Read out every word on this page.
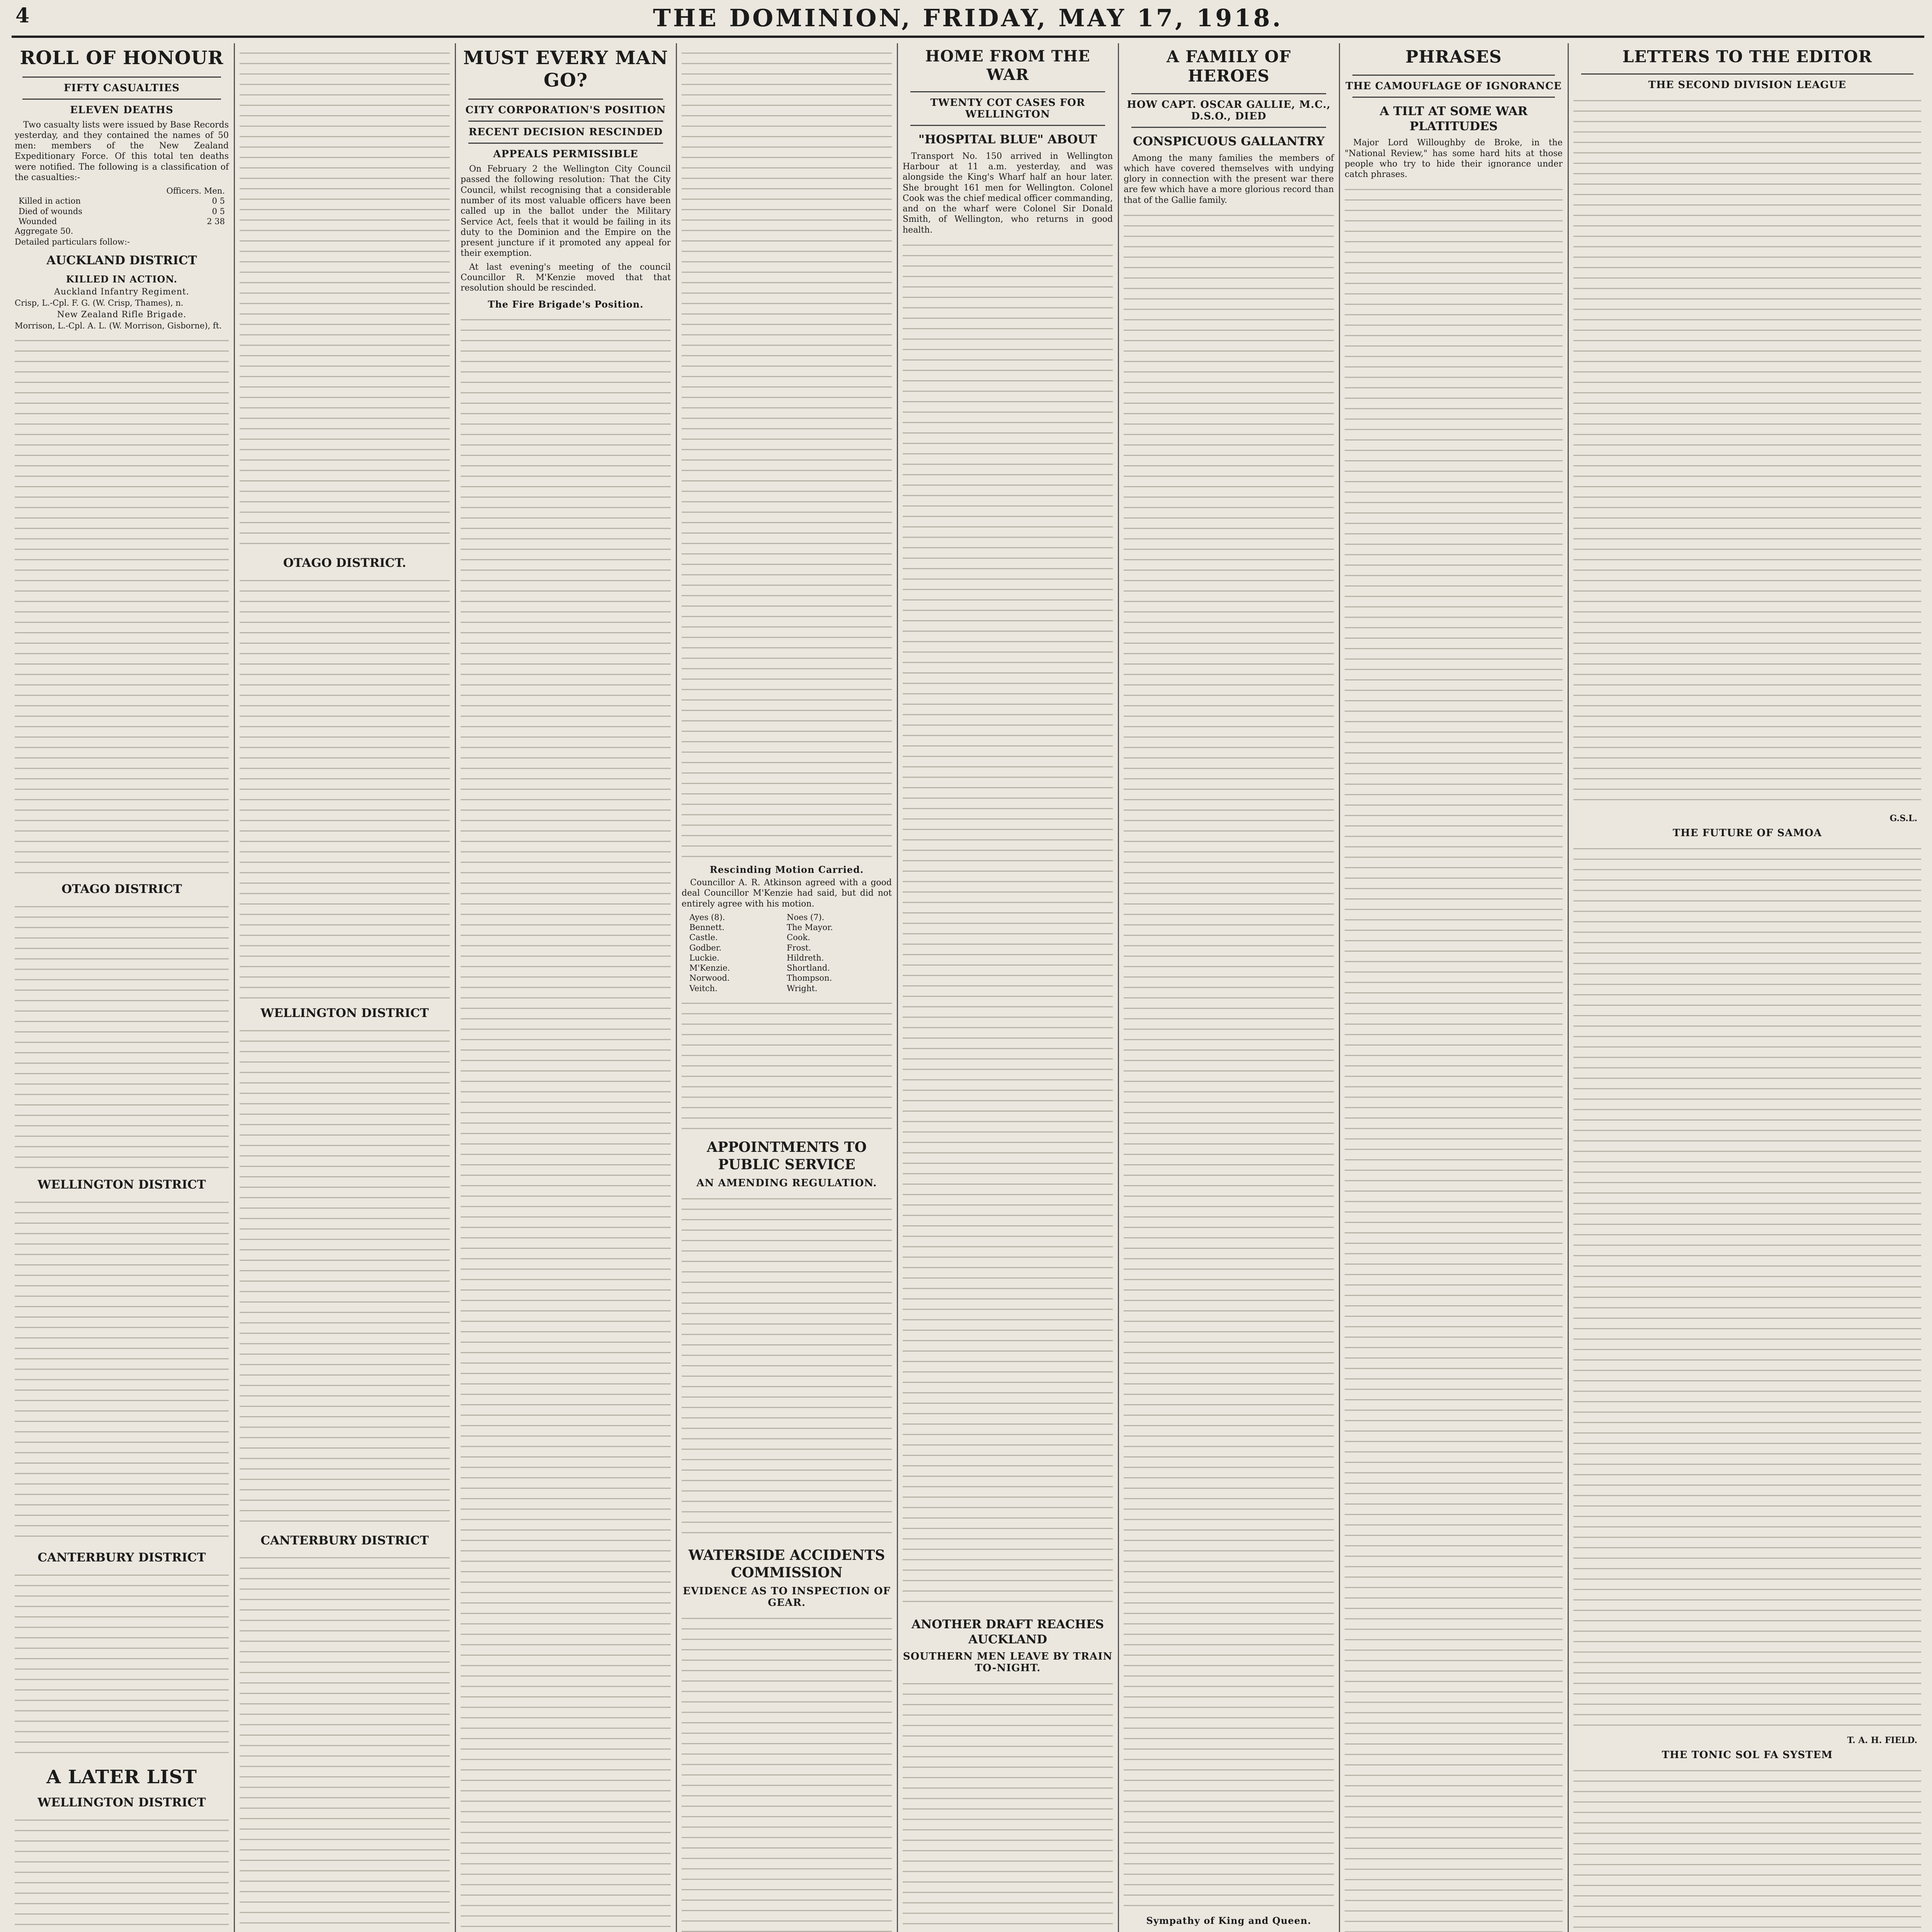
4	THE DOMINION, FRIDAY, MAY 17, 1918.
ROLL OF HONOUR
FIFTY CASUALTIES
ELEVEN DEATHS

Two casualty lists were issued by Base Records yesterday, and they contained the names of 50 men: members of the New Zealand Expeditionary Force. Of this total ten deaths were notified. The following is a classification of the casualties:-

Officers. Men.
Killed in action	0 5
Died of wounds	0 5
Wounded	2 38
Aggregate 50.
Detailed particulars follow:-
AUCKLAND DISTRICT
KILLED IN ACTION.
Auckland Infantry Regiment.
Crisp, L.-Cpl. F. G. (W. Crisp, Thames), n.
New Zealand Rifle Brigade.
Morrison, L.-Cpl. A. L. (W. Morrison, Gisborne), ft.
OTAGO DISTRICT
WELLINGTON DISTRICT
CANTERBURY DISTRICT
A LATER LIST
WELLINGTON DISTRICT
OTAGO DISTRICT.
WELLINGTON DISTRICT
CANTERBURY DISTRICT
MUST EVERY MAN GO?
CITY CORPORATION'S POSITION
RECENT DECISION RESCINDED
APPEALS PERMISSIBLE

On February 2 the Wellington City Council passed the following resolution: That the City Council, whilst recognising that a considerable number of its most valuable officers have been called up in the ballot under the Military Service Act, feels that it would be failing in its duty to the Dominion and the Empire on the present juncture if it promoted any appeal for their exemption.

At last evening's meeting of the council Councillor R. M'Kenzie moved that that resolution should be rescinded.

The Fire Brigade's Position.
Rescinding Motion Carried.

Councillor A. R. Atkinson agreed with a good deal Councillor M'Kenzie had said, but did not entirely agree with his motion.

Ayes (8).	Noes (7).
Bennett.	The Mayor.
Castle.	Cook.
Godber.	Frost.
Luckie.	Hildreth.
M'Kenzie.	Shortland.
Norwood.	Thompson.
Veitch.	Wright.
APPOINTMENTS TO PUBLIC SERVICE
AN AMENDING REGULATION.
WATERSIDE ACCIDENTS COMMISSION
EVIDENCE AS TO INSPECTION OF GEAR.
HOME FROM THE WAR
TWENTY COT CASES FOR WELLINGTON
"HOSPITAL BLUE" ABOUT

Transport No. 150 arrived in Wellington Harbour at 11 a.m. yesterday, and was alongside the King's Wharf half an hour later. She brought 161 men for Wellington. Colonel Cook was the chief medical officer commanding, and on the wharf were Colonel Sir Donald Smith, of Wellington, who returns in good health.

ANOTHER DRAFT REACHES AUCKLAND
SOUTHERN MEN LEAVE BY TRAIN TO-NIGHT.
A FAMILY OF HEROES
HOW CAPT. OSCAR GALLIE, M.C., D.S.O., DIED
CONSPICUOUS GALLANTRY

Among the many families the members of which have covered themselves with undying glory in connection with the present war there are few which have a more glorious record than that of the Gallie family.

Sympathy of King and Queen.
PHRASES
THE CAMOUFLAGE OF IGNORANCE
A TILT AT SOME WAR PLATITUDES

Major Lord Willoughby de Broke, in the "National Review," has some hard hits at those people who try to hide their ignorance under catch phrases.

LETTERS TO THE EDITOR
THE SECOND DIVISION LEAGUE
G.S.L.
THE FUTURE OF SAMOA
T. A. H. FIELD.
THE TONIC SOL FA SYSTEM
